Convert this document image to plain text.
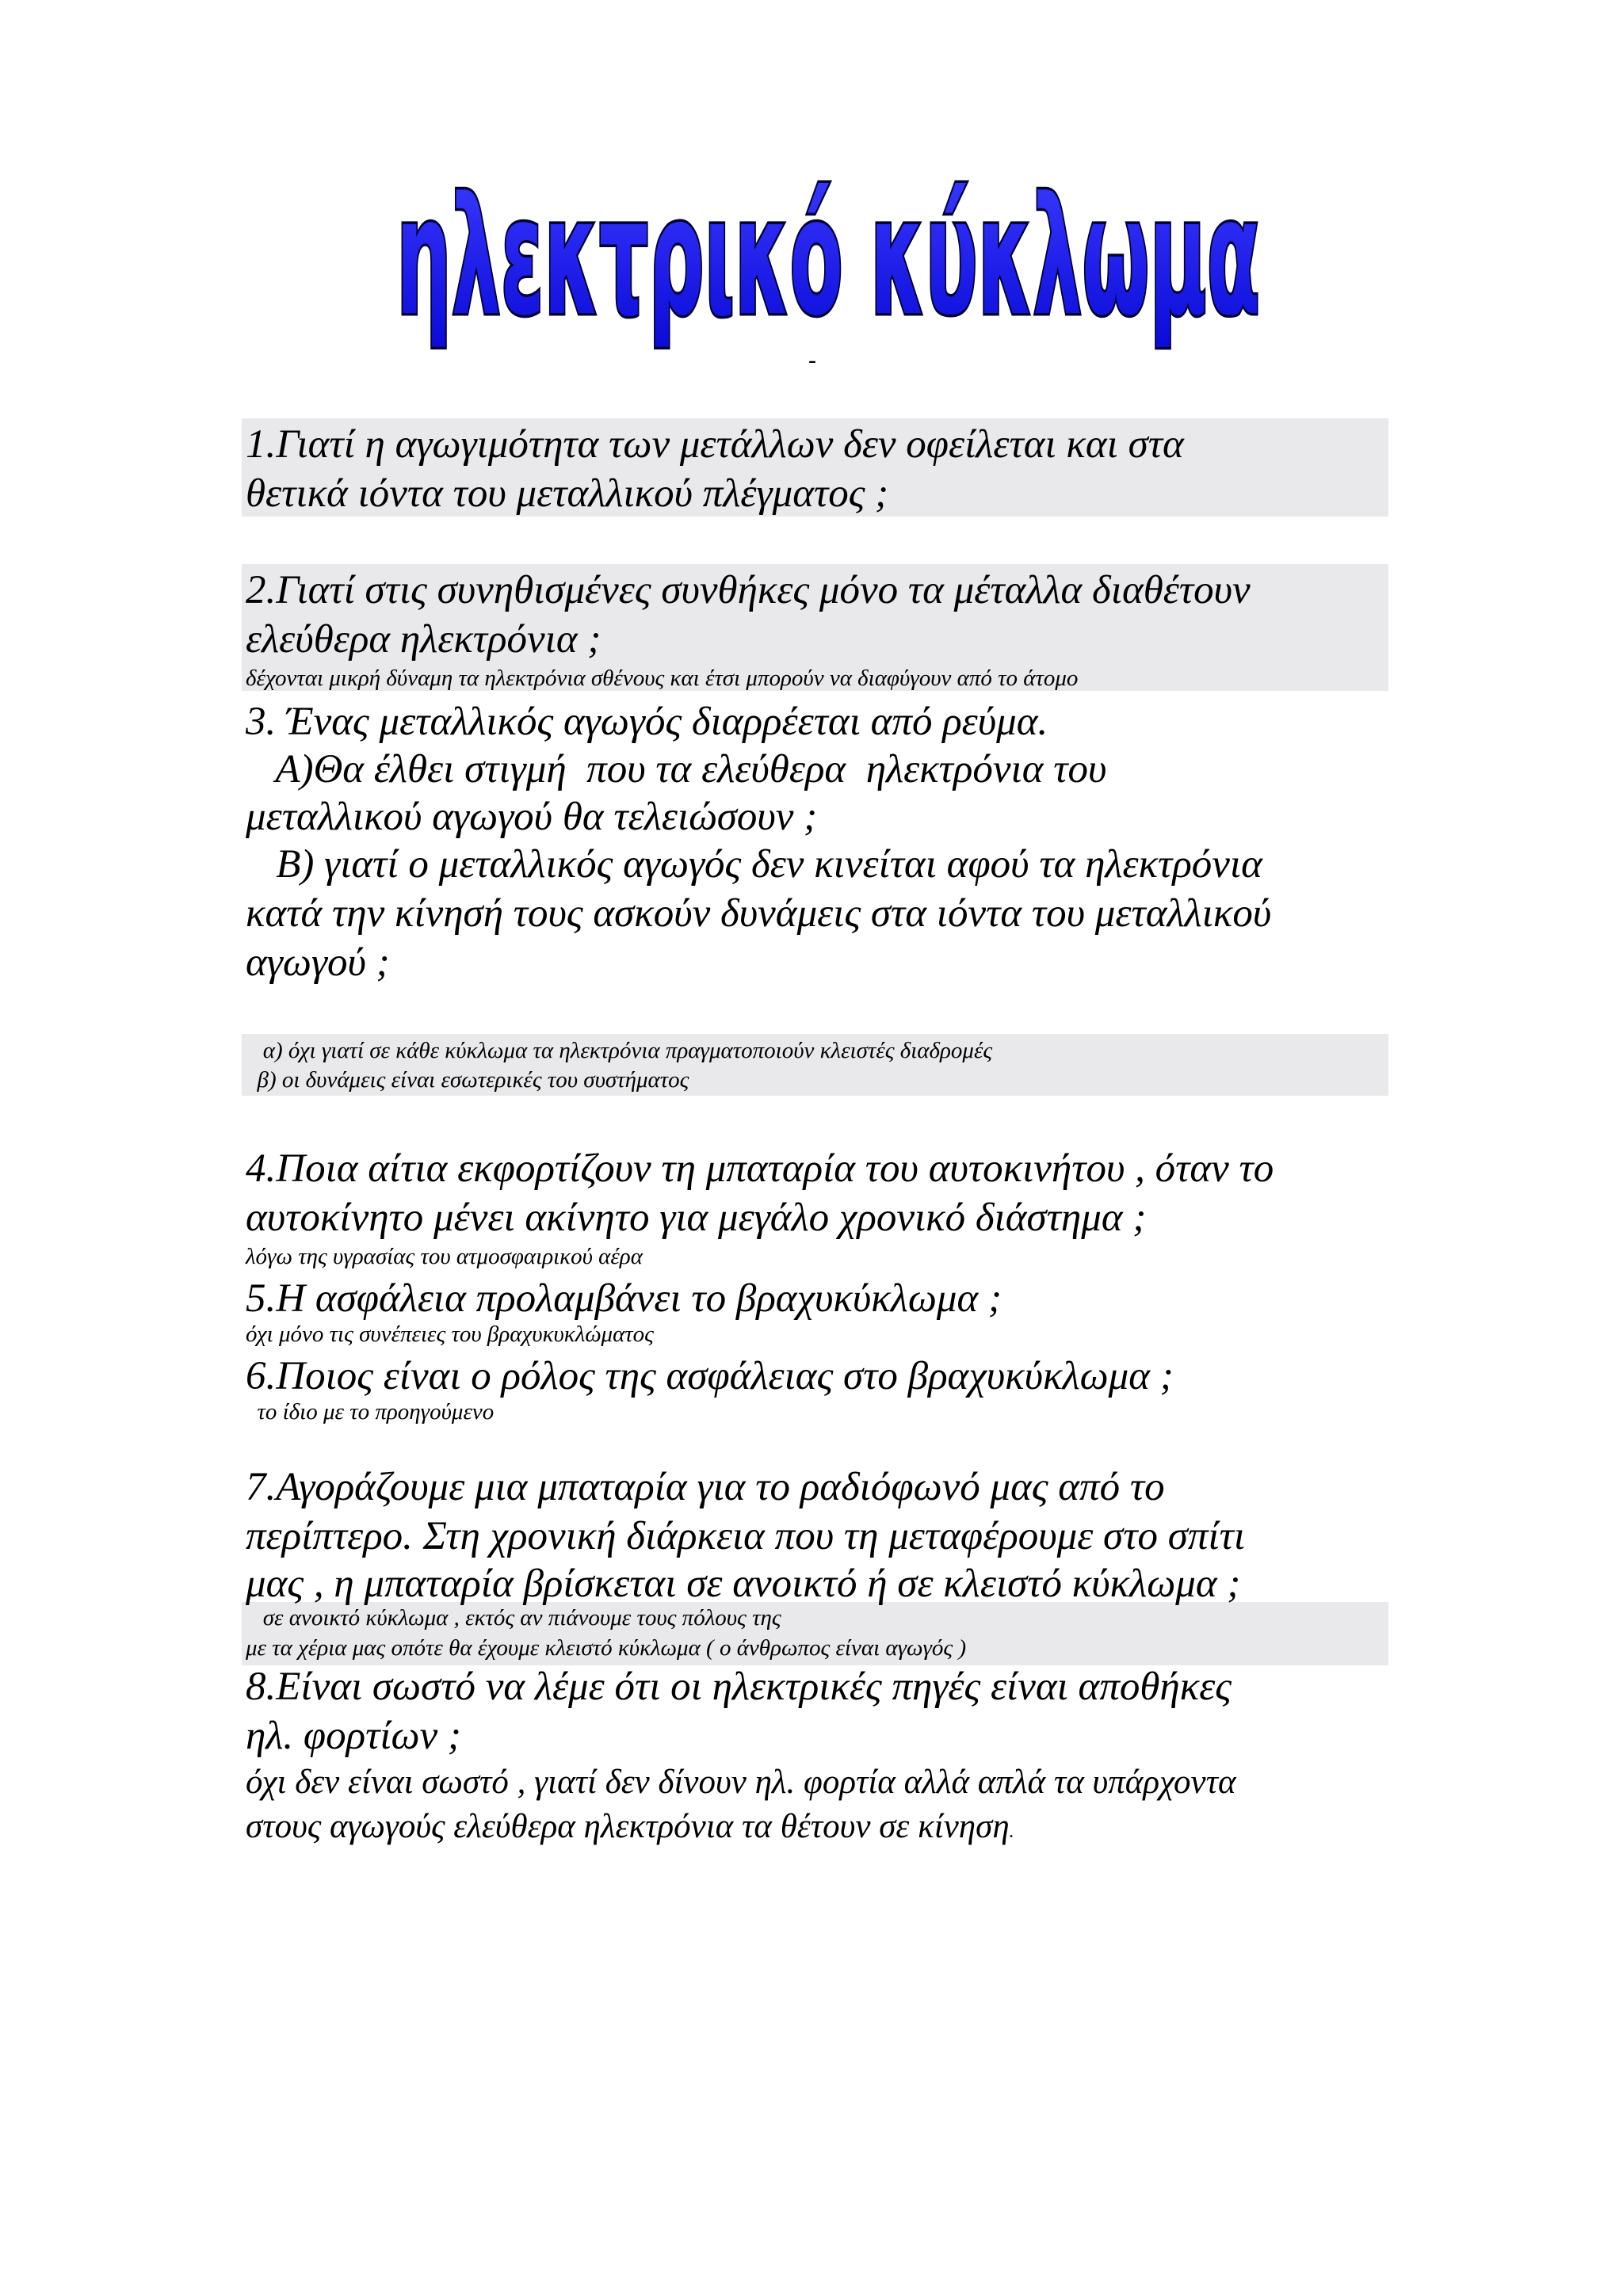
ηλεκτρικό κύκλωμα
-
1.Γιατί η αγωγιμότητα των μετάλλων δεν οφείλεται και στα
θετικά ιόντα του μεταλλικού πλέγματος ;
2.Γιατί στις συνηθισμένες συνθήκες μόνο τα μέταλλα διαθέτουν
ελεύθερα ηλεκτρόνια ;
δέχονται μικρή δύναμη τα ηλεκτρόνια σθένους και έτσι μπορούν να διαφύγουν από το άτομο
3. Ένας μεταλλικός αγωγός διαρρέεται από ρεύμα.
Α)Θα έλθει στιγμή  που τα ελεύθερα  ηλεκτρόνια του
μεταλλικού αγωγού θα τελειώσουν ;
Β) γιατί ο μεταλλικός αγωγός δεν κινείται αφού τα ηλεκτρόνια
κατά την κίνησή τους ασκούν δυνάμεις στα ιόντα του μεταλλικού
αγωγού ;
α) όχι γιατί σε κάθε κύκλωμα τα ηλεκτρόνια πραγματοποιούν κλειστές διαδρομές
β) οι δυνάμεις είναι εσωτερικές του συστήματος
4.Ποια αίτια εκφορτίζουν τη μπαταρία του αυτοκινήτου , όταν το
αυτοκίνητο μένει ακίνητο για μεγάλο χρονικό διάστημα ;
λόγω της υγρασίας του ατμοσφαιρικού αέρα
5.Η ασφάλεια προλαμβάνει το βραχυκύκλωμα ;
όχι μόνο τις συνέπειες του βραχυκυκλώματος
6.Ποιος είναι ο ρόλος της ασφάλειας στο βραχυκύκλωμα ;
το ίδιο με το προηγούμενο
7.Αγοράζουμε μια μπαταρία για το ραδιόφωνό μας από το
περίπτερο. Στη χρονική διάρκεια που τη μεταφέρουμε στο σπίτι
μας , η μπαταρία βρίσκεται σε ανοικτό ή σε κλειστό κύκλωμα ;
σε ανοικτό κύκλωμα , εκτός αν πιάνουμε τους πόλους της
με τα χέρια μας οπότε θα έχουμε κλειστό κύκλωμα ( ο άνθρωπος είναι αγωγός )
8.Είναι σωστό να λέμε ότι οι ηλεκτρικές πηγές είναι αποθήκες
ηλ. φορτίων ;
όχι δεν είναι σωστό , γιατί δεν δίνουν ηλ. φορτία αλλά απλά τα υπάρχοντα
στους αγωγούς ελεύθερα ηλεκτρόνια τα θέτουν σε κίνηση.
